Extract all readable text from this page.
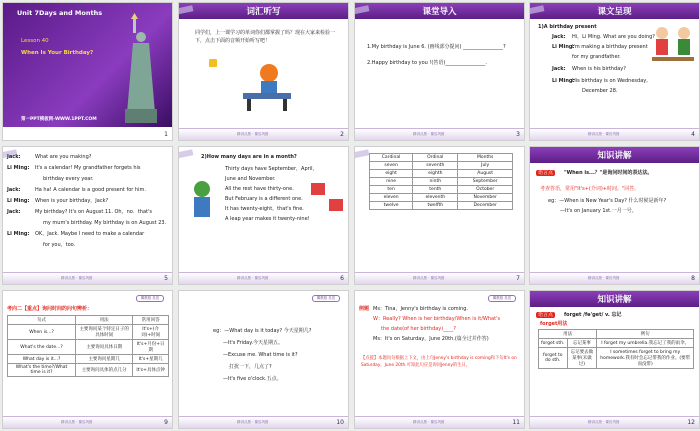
Unit 7Days and Months
Lesson 40
When Is Your Birthday?
第一PPT模板网-WWW.1PPT.COM
1
词汇听写
同学们，上一课学习的单词你们都掌握了吗？现在大家来检验一下，点击下面的音频开始听写吧！
精讲点拨 · 课后巩固	2
课堂导入
1.My birthday is June 6. (画线部分提问) ________________?
2.Happy birthday to you !(答语)________________.
精讲点拨 · 课后巩固	3
课文呈现
1)A birthday present
Jack: Hi，Li Ming. What are you doing?
Li Ming:
I'm making a birthday present
for my grandfather.
Jack: When is his birthday?
Li Ming:
His birthday is on Wednesday,
December 28.
精讲点拨 · 课后巩固	4
Jack:	What are you making?
Li Ming: It's a calendar! My grandfather forgets his
birthday every year.
Jack:	Ha ha! A calendar is a good present for him.
Li Ming: When is your birthday，Jack?
Jack:	My birthday? It's on August 11. Oh，no．that's
my mum's birthday. My birthday is on August 23.
Li Ming: OK，Jack. Maybe I need to make a calendar
for you，too.
精讲点拨 · 课后巩固	5
2)How many days are in a month?
Thirty days have September，April，
June and November.
All the rest have thirty-one.
But February is a different one.
It has twenty-eight，that's fine.
A leap year makes it twenty-nine!
精讲点拨 · 课后巩固	6
Cardinal	Ordinal	Months
seven	seventh	July
eight	eighth	August
nine	ninth	September
ten	tenth	October
eleven	eleventh	November
twelve	twelfth	December
精讲点拨 · 课后巩固	7
知识讲解
语言点	"When is...？"是询问时间的表达法。
考查答语，常用"It's+(介词)+时间。"回答。
eg：—When is New Year's Day? 什么时候是新年?
—It's on January 1st.一月一号。
精讲点拨 · 课后巩固	8
冀教版 英语
考向二【重点】询问时间的问句辨析：
句式	用法	常用回答
When is...?	主要询问某个特定日子的具体时间	It's+(介词)+时间
What's the date...?	主要询问具体日期	It's+月份+日期
What day is it...?	主要询问星期几	It's+星期几
What's the time?/What time is it?	主要询问具体的点几分	It's+具体点钟
精讲点拨 · 课后巩固	9
冀教版 英语
eg：—What day is it today? 今天星期几?
—It's Friday.今天星期五。
—Excuse me. What time is it?
打扰一下，几点了?
—It's five o'clock.五点。
精讲点拨 · 课后巩固	10
冀教版 英语
例题 Ms：Tina，Jenny's birthday is coming.
W：Really? When is her birthday/When is it/What's
the date(of her birthday)____?
Ms：It's on Saturday，June 20th.(篇全过并作答)
【点拨】本题问句根据上下文，由上句Jenny's birthday is coming和下句It's on Saturday，June 20th.可知此句应是询问Jenny的生日。
精讲点拨 · 课后巩固	11
知识讲解
语言点	forget /fə'get/ v. 忘记
forget用法
用法		例句
forget sth.	忘记某事	I forget my umbrella.我忘记了我的雨伞。
forget to do sth.	忘记要去做某事(未做过)	I sometimes forget to bring my homework.我有时会忘记带我的作业。(要带而没带)
精讲点拨 · 课后巩固	12
